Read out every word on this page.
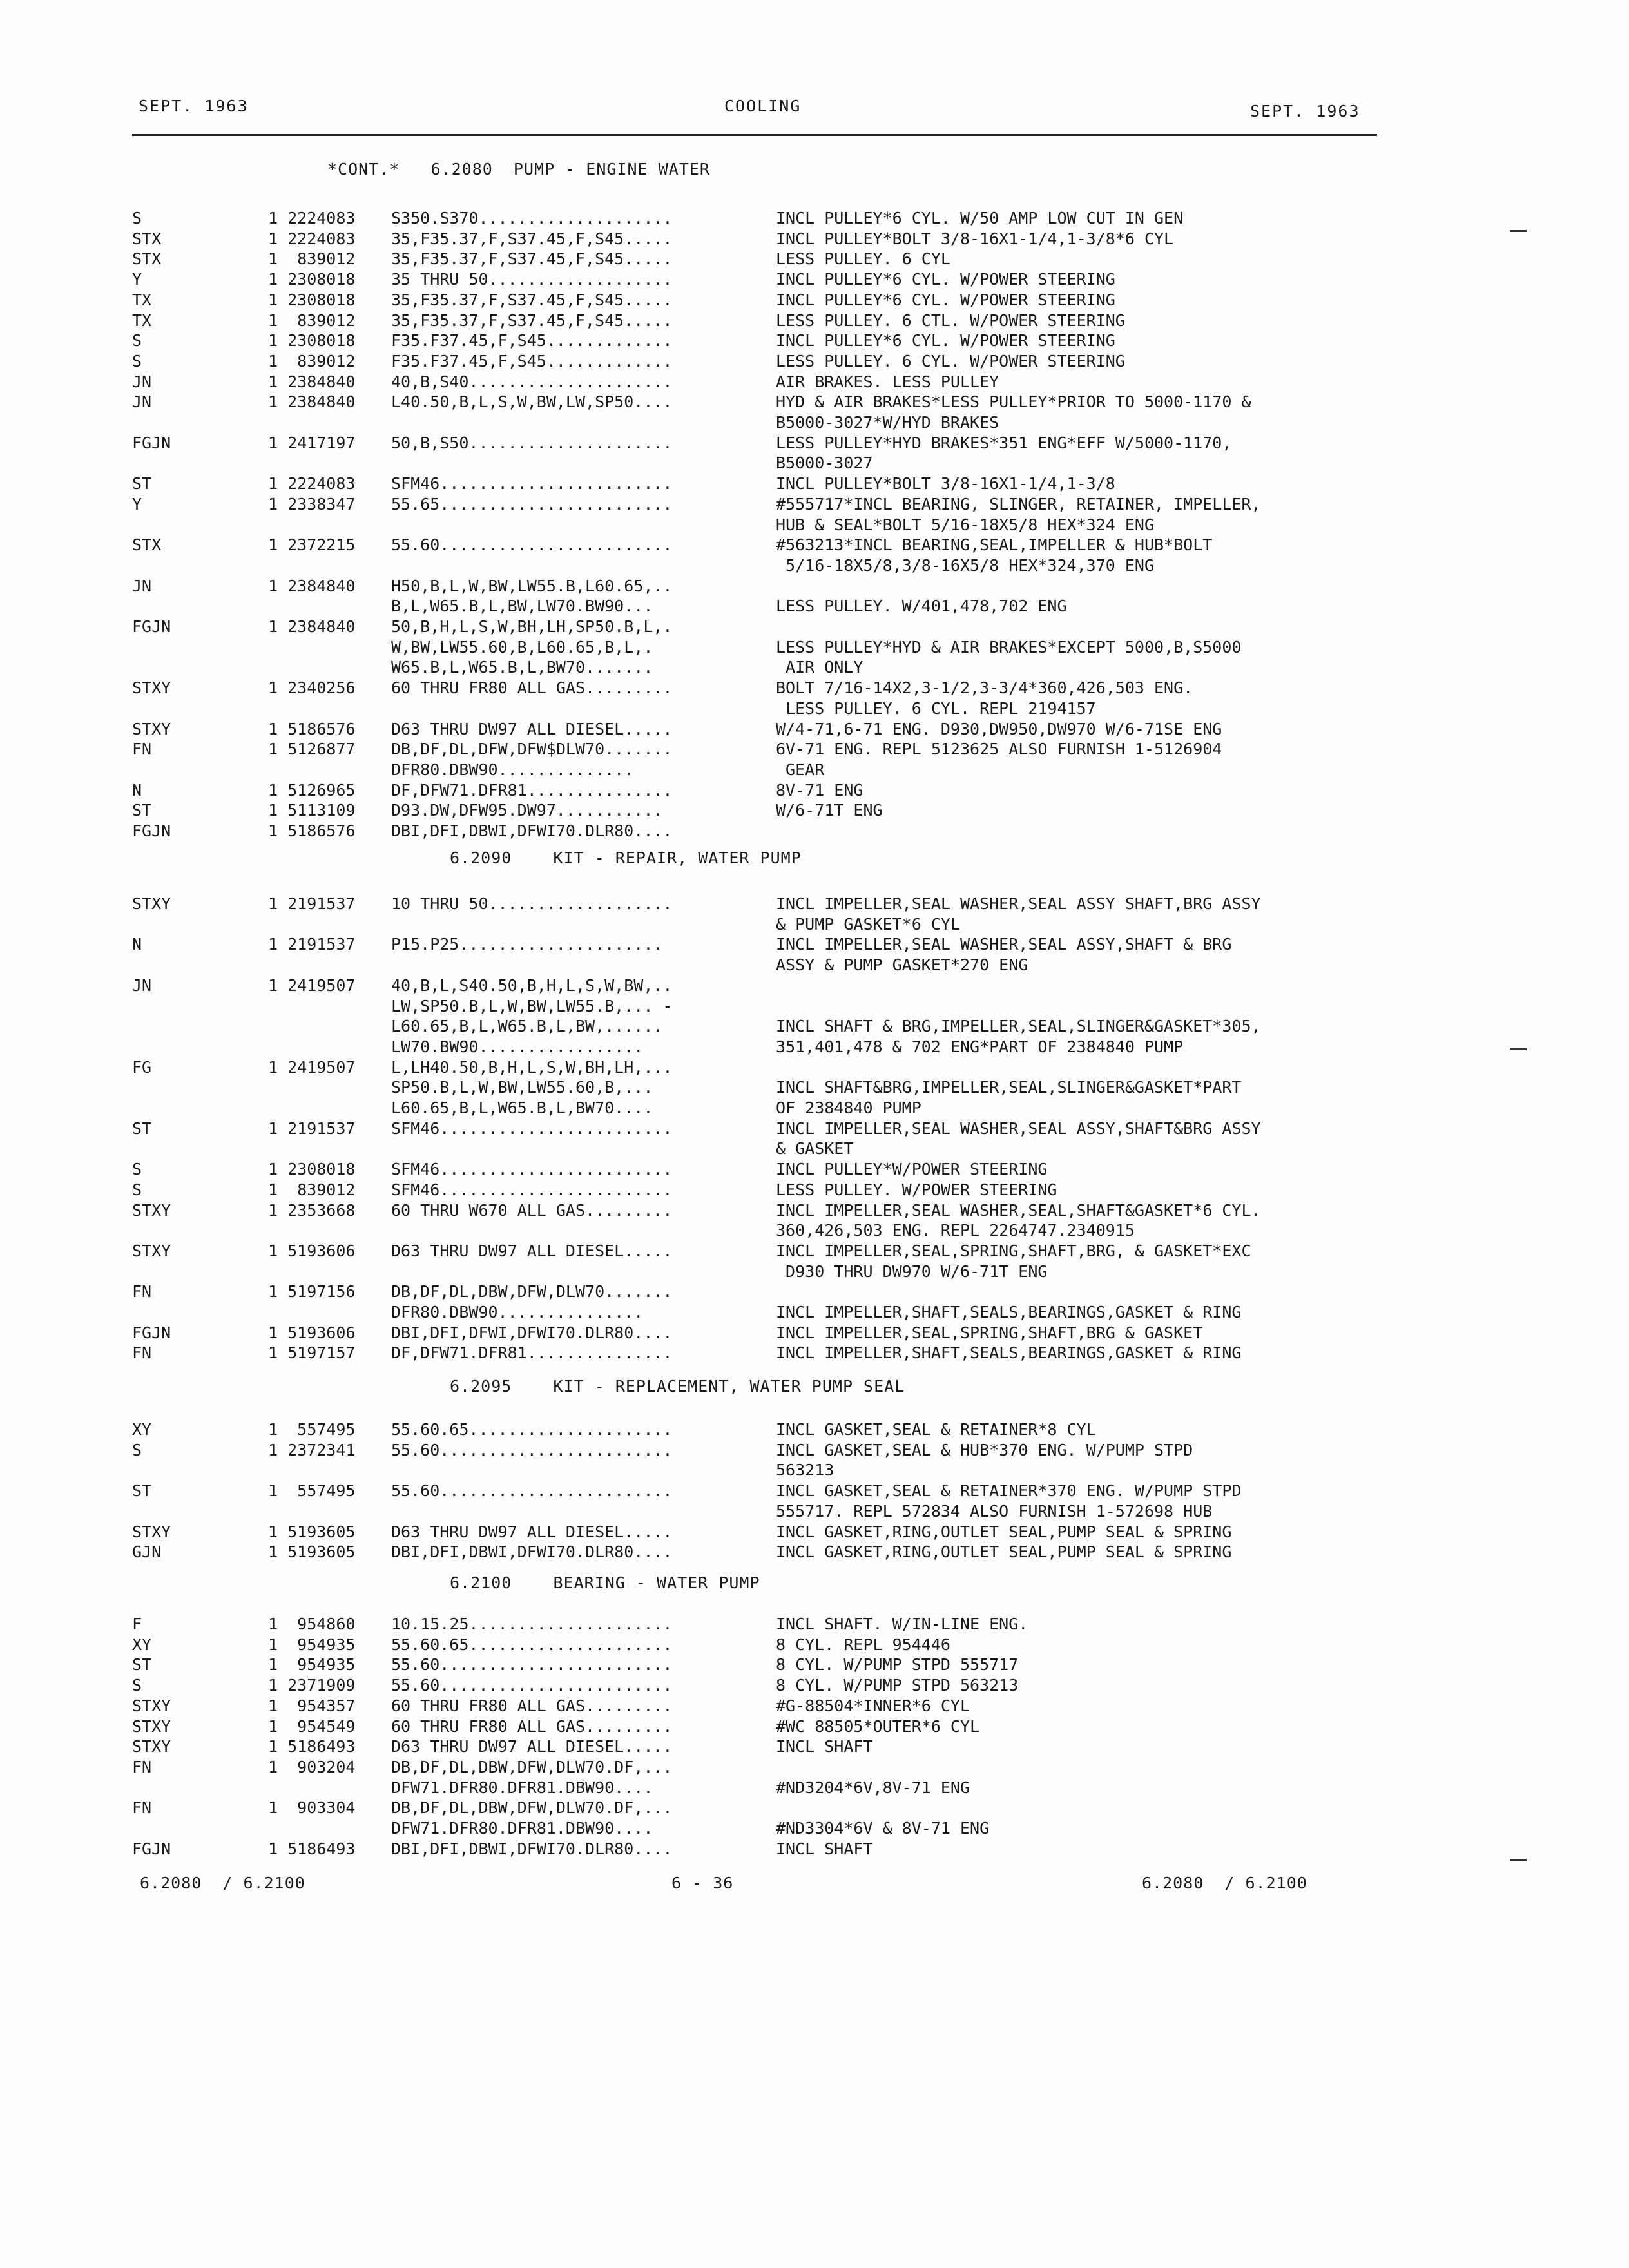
SEPT. 1963	COOLING	SEPT. 1963
*CONT.*   6.2080  PUMP - ENGINE WATER
S	1 2224083 S350.S370....................	INCL PULLEY*6 CYL. W/50 AMP LOW CUT IN GEN
STX	1 2224083 35,F35.37,F,S37.45,F,S45.....	INCL PULLEY*BOLT 3/8-16X1-1/4,1-3/8*6 CYL
STX	1  839012 35,F35.37,F,S37.45,F,S45.....	LESS PULLEY. 6 CYL
Y	1 2308018 35 THRU 50...................	INCL PULLEY*6 CYL. W/POWER STEERING
TX	1 2308018 35,F35.37,F,S37.45,F,S45.....	INCL PULLEY*6 CYL. W/POWER STEERING
TX	1  839012 35,F35.37,F,S37.45,F,S45.....	LESS PULLEY. 6 CTL. W/POWER STEERING
S	1 2308018 F35.F37.45,F,S45.............	INCL PULLEY*6 CYL. W/POWER STEERING
S	1  839012 F35.F37.45,F,S45.............	LESS PULLEY. 6 CYL. W/POWER STEERING
JN	1 2384840 40,B,S40.....................	AIR BRAKES. LESS PULLEY
JN	1 2384840 L40.50,B,L,S,W,BW,LW,SP50....	HYD & AIR BRAKES*LESS PULLEY*PRIOR TO 5000-1170 &
B5000-3027*W/HYD BRAKES
FGJN	1 2417197 50,B,S50.....................	LESS PULLEY*HYD BRAKES*351 ENG*EFF W/5000-1170,
B5000-3027
ST	1 2224083 SFM46........................	INCL PULLEY*BOLT 3/8-16X1-1/4,1-3/8
Y	1 2338347 55.65........................	#555717*INCL BEARING, SLINGER, RETAINER, IMPELLER,
HUB & SEAL*BOLT 5/16-18X5/8 HEX*324 ENG
STX	1 2372215 55.60........................	#563213*INCL BEARING,SEAL,IMPELLER & HUB*BOLT
5/16-18X5/8,3/8-16X5/8 HEX*324,370 ENG
JN	1 2384840 H50,B,L,W,BW,LW55.B,L60.65,..
B,L,W65.B,L,BW,LW70.BW90...	LESS PULLEY. W/401,478,702 ENG
FGJN	1 2384840 50,B,H,L,S,W,BH,LH,SP50.B,L,.
W,BW,LW55.60,B,L60.65,B,L,.	LESS PULLEY*HYD & AIR BRAKES*EXCEPT 5000,B,S5000
W65.B,L,W65.B,L,BW70.......	AIR ONLY
STXY	1 2340256 60 THRU FR80 ALL GAS.........	BOLT 7/16-14X2,3-1/2,3-3/4*360,426,503 ENG.
LESS PULLEY. 6 CYL. REPL 2194157
STXY	1 5186576 D63 THRU DW97 ALL DIESEL.....	W/4-71,6-71 ENG. D930,DW950,DW970 W/6-71SE ENG
FN	1 5126877 DB,DF,DL,DFW,DFW$DLW70.......	6V-71 ENG. REPL 5123625 ALSO FURNISH 1-5126904
DFR80.DBW90..............	GEAR
N	1 5126965 DF,DFW71.DFR81...............	8V-71 ENG
ST	1 5113109 D93.DW,DFW95.DW97...........	W/6-71T ENG
FGJN	1 5186576 DBI,DFI,DBWI,DFWI70.DLR80....
6.2090    KIT - REPAIR, WATER PUMP
STXY	1 2191537 10 THRU 50...................	INCL IMPELLER,SEAL WASHER,SEAL ASSY SHAFT,BRG ASSY
& PUMP GASKET*6 CYL
N	1 2191537 P15.P25.....................	INCL IMPELLER,SEAL WASHER,SEAL ASSY,SHAFT & BRG
ASSY & PUMP GASKET*270 ENG
JN	1 2419507 40,B,L,S40.50,B,H,L,S,W,BW,..
LW,SP50.B,L,W,BW,LW55.B,... -
L60.65,B,L,W65.B,L,BW,......	INCL SHAFT & BRG,IMPELLER,SEAL,SLINGER&GASKET*305,
LW70.BW90.................	351,401,478 & 702 ENG*PART OF 2384840 PUMP
FG	1 2419507 L,LH40.50,B,H,L,S,W,BH,LH,...
SP50.B,L,W,BW,LW55.60,B,...	INCL SHAFT&BRG,IMPELLER,SEAL,SLINGER&GASKET*PART
L60.65,B,L,W65.B,L,BW70....	OF 2384840 PUMP
ST	1 2191537 SFM46........................	INCL IMPELLER,SEAL WASHER,SEAL ASSY,SHAFT&BRG ASSY
& GASKET
S	1 2308018 SFM46........................	INCL PULLEY*W/POWER STEERING
S	1  839012 SFM46........................	LESS PULLEY. W/POWER STEERING
STXY	1 2353668 60 THRU W670 ALL GAS.........	INCL IMPELLER,SEAL WASHER,SEAL,SHAFT&GASKET*6 CYL.
360,426,503 ENG. REPL 2264747.2340915
STXY	1 5193606 D63 THRU DW97 ALL DIESEL.....	INCL IMPELLER,SEAL,SPRING,SHAFT,BRG, & GASKET*EXC
D930 THRU DW970 W/6-71T ENG
FN	1 5197156 DB,DF,DL,DBW,DFW,DLW70.......
DFR80.DBW90...............	INCL IMPELLER,SHAFT,SEALS,BEARINGS,GASKET & RING
FGJN	1 5193606 DBI,DFI,DFWI,DFWI70.DLR80....	INCL IMPELLER,SEAL,SPRING,SHAFT,BRG & GASKET
FN	1 5197157 DF,DFW71.DFR81...............	INCL IMPELLER,SHAFT,SEALS,BEARINGS,GASKET & RING
6.2095    KIT - REPLACEMENT, WATER PUMP SEAL
XY	1  557495 55.60.65.....................	INCL GASKET,SEAL & RETAINER*8 CYL
S	1 2372341 55.60........................	INCL GASKET,SEAL & HUB*370 ENG. W/PUMP STPD
563213
ST	1  557495 55.60........................	INCL GASKET,SEAL & RETAINER*370 ENG. W/PUMP STPD
555717. REPL 572834 ALSO FURNISH 1-572698 HUB
STXY	1 5193605 D63 THRU DW97 ALL DIESEL.....	INCL GASKET,RING,OUTLET SEAL,PUMP SEAL & SPRING
GJN	1 5193605 DBI,DFI,DBWI,DFWI70.DLR80....	INCL GASKET,RING,OUTLET SEAL,PUMP SEAL & SPRING
6.2100    BEARING - WATER PUMP
F	1  954860 10.15.25.....................	INCL SHAFT. W/IN-LINE ENG.
XY	1  954935 55.60.65.....................	8 CYL. REPL 954446
ST	1  954935 55.60........................	8 CYL. W/PUMP STPD 555717
S	1 2371909 55.60........................	8 CYL. W/PUMP STPD 563213
STXY	1  954357 60 THRU FR80 ALL GAS.........	#G-88504*INNER*6 CYL
STXY	1  954549 60 THRU FR80 ALL GAS.........	#WC 88505*OUTER*6 CYL
STXY	1 5186493 D63 THRU DW97 ALL DIESEL.....	INCL SHAFT
FN	1  903204 DB,DF,DL,DBW,DFW,DLW70.DF,...
DFW71.DFR80.DFR81.DBW90....	#ND3204*6V,8V-71 ENG
FN	1  903304 DB,DF,DL,DBW,DFW,DLW70.DF,...
DFW71.DFR80.DFR81.DBW90....	#ND3304*6V & 8V-71 ENG
FGJN	1 5186493 DBI,DFI,DBWI,DFWI70.DLR80....	INCL SHAFT
6.2080  / 6.2100	6 - 36	6.2080  / 6.2100
